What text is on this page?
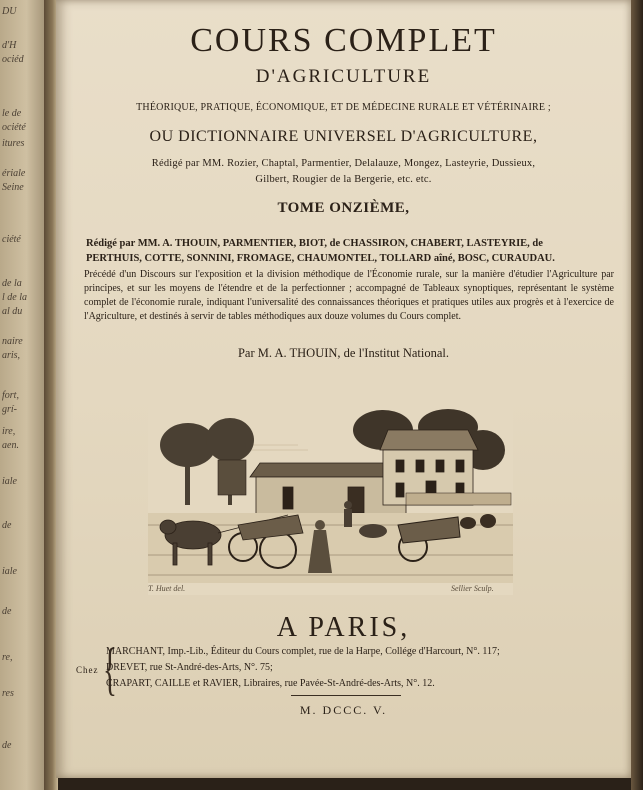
DU
d'H
ociéd
le de
ociété
itures
ériale
Seine
ciété
de la
l de la
al du
naire
aris,
fort,
grí-
ire,
aen.
iale
de
iale
de
re,
res
de
COURS COMPLET
D'AGRICULTURE
THÉORIQUE, PRATIQUE, ÉCONOMIQUE, ET DE MÉDECINE RURALE ET VÉTÉRINAIRE ;
OU DICTIONNAIRE UNIVERSEL D'AGRICULTURE,
Rédigé par MM. Rozier, Chaptal, Parmentier, Delalauze, Mongez, Lasteyrie, Dussieux,
Gilbert, Rougier de la Bergerie, etc. etc.
TOME ONZIÈME,
Rédigé par MM. A. THOUIN, PARMENTIER, BIOT, de CHASSIRON, CHABERT, LASTEYRIE, de
PERTHUIS, COTTE, SONNINI, FROMAGE, CHAUMONTEL, TOLLARD aîné, BOSC, CURAUDAU.
Précédé d'un Discours sur l'exposition et la division méthodique de l'Économie rurale, sur la manière d'étudier l'Agriculture par principes, et sur les moyens de l'étendre et de la perfectionner ; accompagné de Tableaux synoptiques, représentant le système complet de l'économie rurale, indiquant l'universalité des connaissances théoriques et pratiques utiles aux progrès et à l'exercice de l'Agriculture, et destinés à servir de tables méthodiques aux douze volumes du Cours complet.
Par M. A. THOUIN, de l'Institut National.
T. Huet del.	Sellier Sculp.
A PARIS,
Chez {
MARCHANT, Imp.-Lib., Éditeur du Cours complet, rue de la Harpe, Collége d'Harcourt, N°. 117;
DREVET, rue St-André-des-Arts, N°. 75;
CRAPART, CAILLE et RAVIER, Libraires, rue Pavée-St-André-des-Arts, N°. 12.
M. DCCC. V.
